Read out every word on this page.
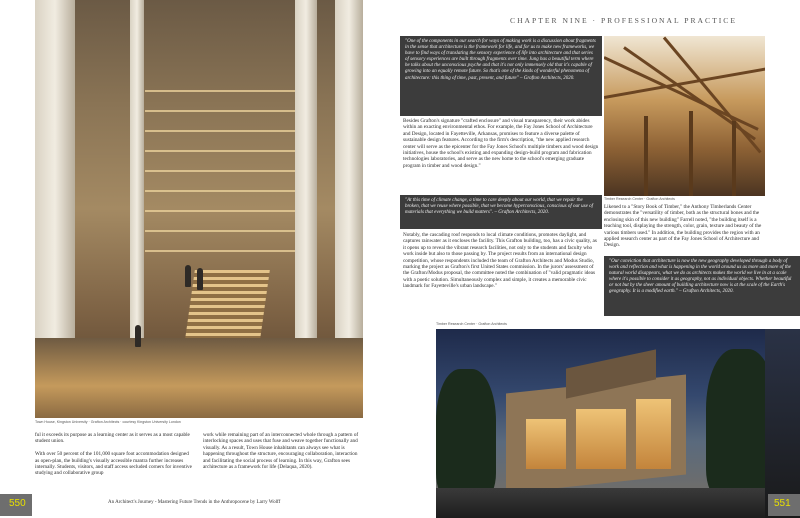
Town House, Kingston University · Grafton Architects · courtesy Kingston University London
ful it exceeds its purpose as a learning center as it serves as a most capable student union.

With over 50 percent of the 101,000 square foot accommodation designed as open-plan, the building's visually accessible mantra further increases internally. Students, visitors, and staff access secluded corners for inventive studying and collaborative group
work while remaining part of an interconnected whole through a pattern of interlocking spaces and uses that fuse and weave together functionally and visually. As a result, Town House inhabitants can always see what is happening throughout the structure, encouraging collaboration, interaction and facilitating the social process of learning. In this way, Grafton sees architecture as a framework for life (Delaqua, 2020).
550	An Architect's Journey - Mastering Future Trends in the Anthropocene by Larry Wolff
CHAPTER NINE · PROFESSIONAL PRACTICE
"One of the components in our search for ways of making work is a discussion about fragments in the sense that architecture is the framework for life, and for us to make new frameworks, we have to find ways of translating the sensory experience of life into architecture and that series of sensory experiences are built through fragments over time. Jung has a beautiful term where he talks about the unconscious psyche and that it's not only immensely old that it's capable of growing into an equally remote future. So that's one of the kinds of wonderful phenomena of architecture: this thing of time, past, present, and future" – Grafton Architects, 2020.
Besides Grafton's signature "crafted enclosure" and visual transparency, their work abides within an exacting environmental ethos. For example, the Fay Jones School of Architecture and Design, located in Fayetteville, Arkansas, promises to feature a diverse palette of sustainable design features. According to the firm's description, "the new applied research center will serve as the epicenter for the Fay Jones School's multiple timbers and wood design initiatives, house the school's existing and expanding design-build program and fabrication technologies laboratories, and serve as the new home to the school's emerging graduate program in timber and wood design."
Timber Research Center · Grafton Architects
"At this time of climate change, a time to care deeply about our world, that we repair the broken, that we reuse where possible, that we become hyperconscious, conscious of our use of materials that everything we build matters". – Grafton Architects, 2020.
Notably, the cascading roof responds to local climate conditions, promotes daylight, and captures rainwater as it encloses the facility. This Grafton building, too, has a civic quality, as it opens up to reveal the vibrant research facilities, not only to the students and faculty who work inside but also to those passing by. The project results from an international design competition, whose respondents included the team of Grafton Architects and Modus Studio, marking the project as Grafton's first United States commission. In the jurors' assessment of the Grafton/Modus proposal, the committee noted the combination of "valid pragmatic ideas with a poetic solution. Simultaneously complex and simple, it creates a memorable civic landmark for Fayetteville's urban landscape."
Likened to a "Story Book of Timber," the Anthony Timberlands Center demonstrates the "versatility of timber, both as the structural bones and the enclosing skin of this new building" Farrell noted, "the building itself is a teaching tool, displaying the strength, color, grain, texture and beauty of the various timbers used." In addition, the building provides the region with an applied research center as part of the Fay Jones School of Architecture and Design.
"Our conviction that architecture is now the new geography developed through a body of work and reflection and what is happening in the world around us as more and more of the natural world disappears, what we do as architects makes the world we live in at a scale where it's possible to consider it as geography, not as individual objects. Whether beautiful or not but by the sheer amount of building architecture now is at the scale of the Earth's geography. It is a modified earth." – Grafton Architects, 2020.
Timber Research Center · Grafton Architects
551
